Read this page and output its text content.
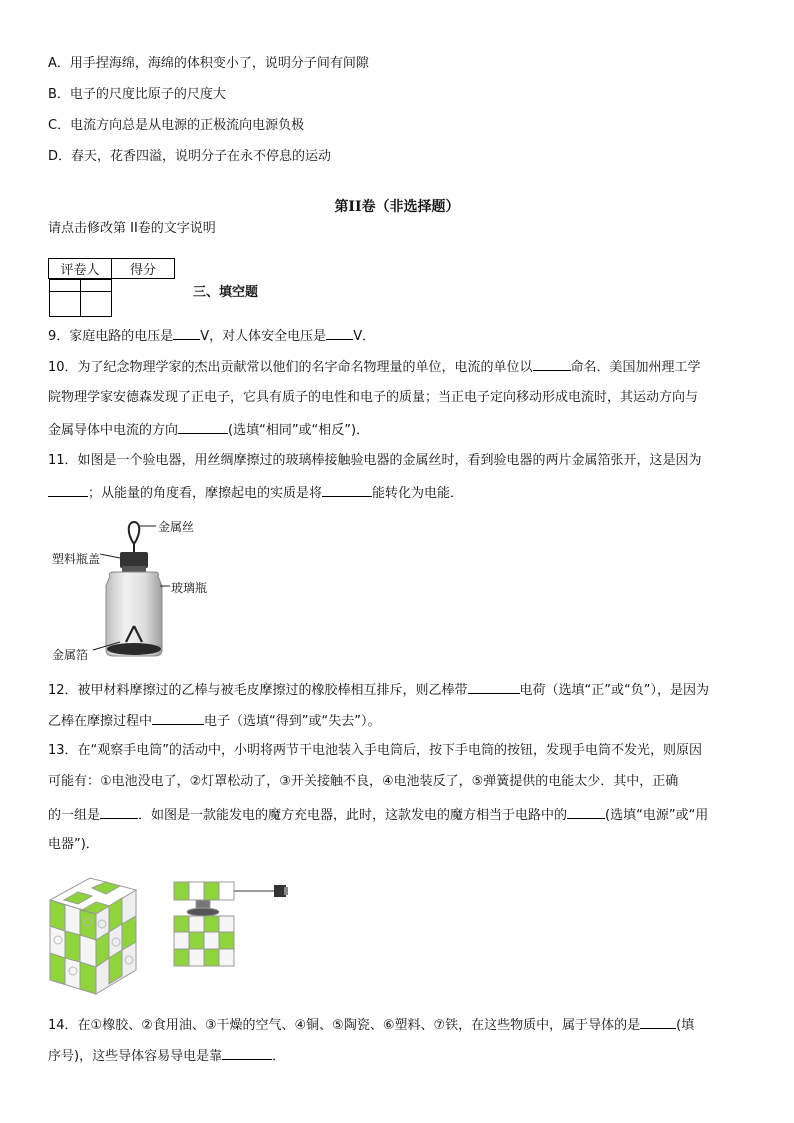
A．用手捏海绵，海绵的体积变小了，说明分子间有间隙
B．电子的尺度比原子的尺度大
C．电流方向总是从电源的正极流向电源负极
D．春天，花香四溢，说明分子在永不停息的运动
第II卷（非选择题）
请点击修改第 II卷的文字说明
评卷人	得分

三、填空题
9．家庭电路的电压是 V，对人体安全电压是 V．
10．为了纪念物理学家的杰出贡献常以他们的名字命名物理量的单位，电流的单位以	命名．美国加州理工学
院物理学家安德森发现了正电子，它具有质子的电性和电子的质量；当正电子定向移动形成电流时，其运动方向与
金属导体中电流的方向	(选填“相同”或“相反”)．
11．如图是一个验电器，用丝绸摩擦过的玻璃棒接触验电器的金属丝时，看到验电器的两片金属箔张开，这是因为
；从能量的角度看，摩擦起电的实质是将	能转化为电能．
金属丝
塑料瓶盖
玻璃瓶
金属箔
12．被甲材料摩擦过的乙棒与被毛皮摩擦过的橡胶棒相互排斥，则乙棒带	电荷（选填“正”或“负”），是因为
乙棒在摩擦过程中	电子（选填“得到”或“失去”）。
13．在“观察手电筒”的活动中，小明将两节干电池装入手电筒后，按下手电筒的按钮，发现手电筒不发光，则原因
可能有：①电池没电了，②灯罩松动了，③开关接触不良，④电池装反了，⑤弹簧提供的电能太少．其中，正确
的一组是	．如图是一款能发电的魔方充电器，此时，这款发电的魔方相当于电路中的	(选填“电源”或“用
电器”)．
14．在①橡胶、②食用油、③干燥的空气、④铜、⑤陶瓷、⑥塑料、⑦铁，在这些物质中，属于导体的是	(填
序号)，这些导体容易导电是靠	．
